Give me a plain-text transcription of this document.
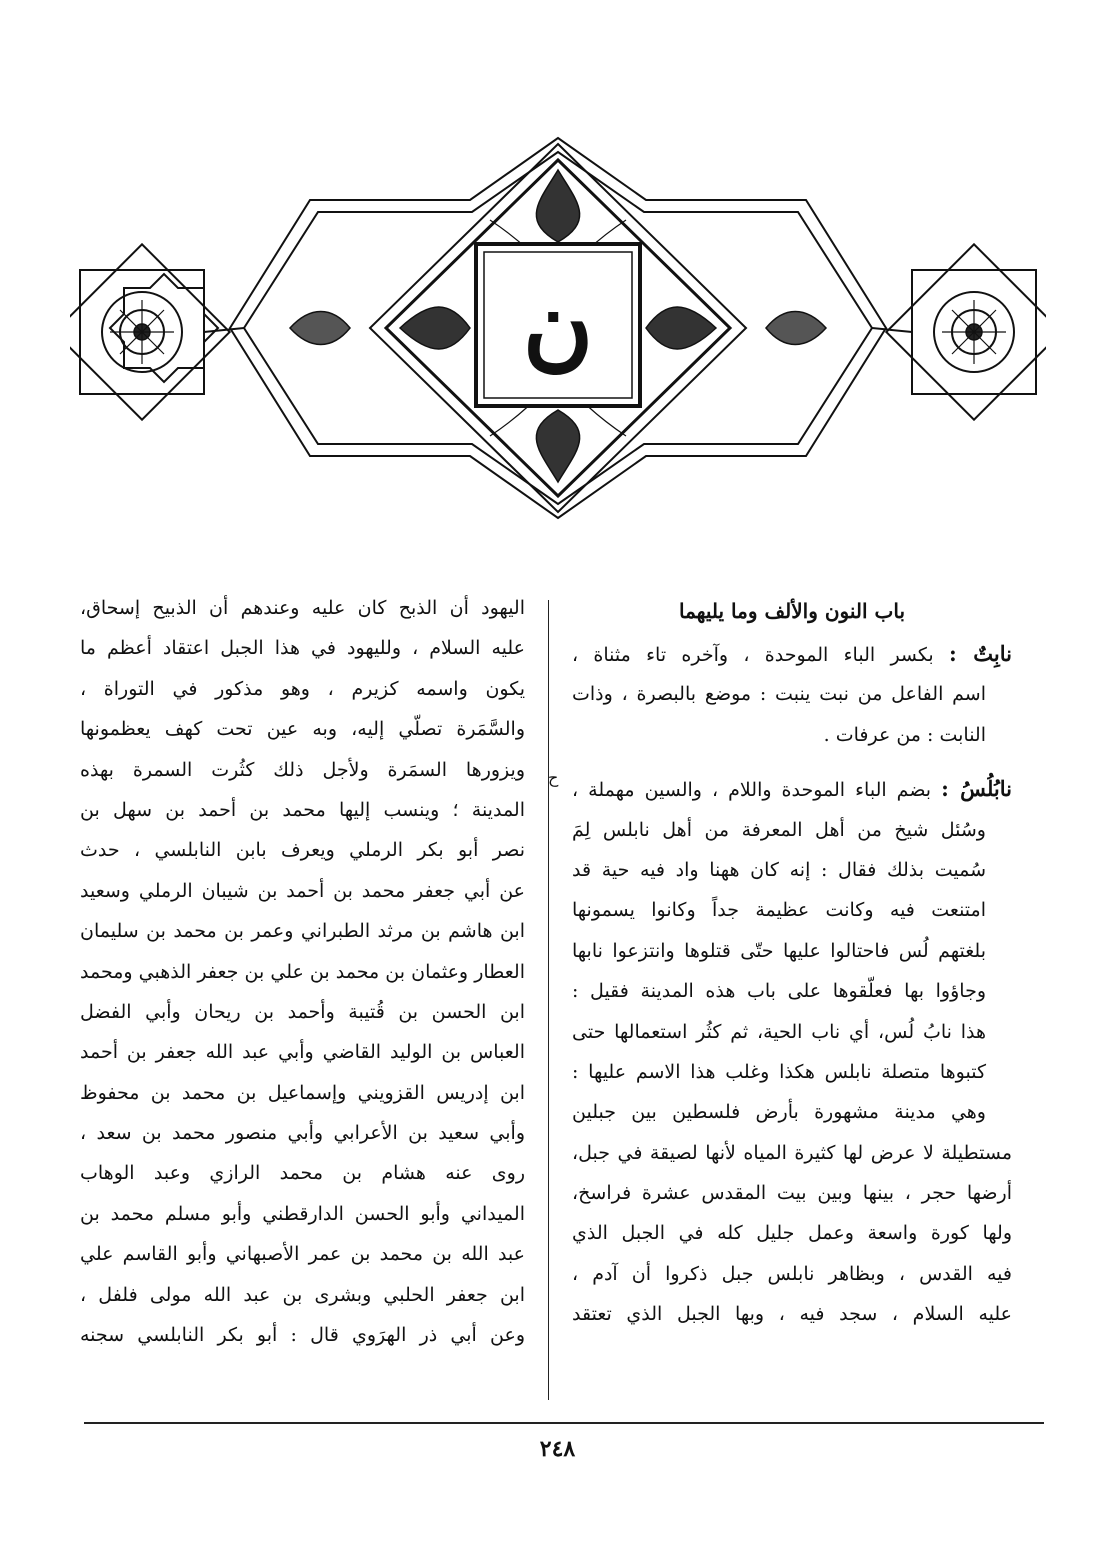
ن
باب النون والألف وما يليهما
نابِتٌ : بكسر الباء الموحدة ، وآخره تاء مثناة ،
اسم الفاعل من نبت ينبت : موضع بالبصرة ، وذات
النابت : من عرفات .
نابُلُسُ : بضم الباء الموحدة واللام ، والسين مهملة ،
وسُئل شيخ من أهل المعرفة من أهل نابلس لِمَ
سُميت بذلك فقال : إنه كان ههنا واد فيه حية قد
امتنعت فيه وكانت عظيمة جداً وكانوا يسمونها
بلغتهم لُس فاحتالوا عليها حتّى قتلوها وانتزعوا نابها
وجاؤوا بها فعلّقوها على باب هذه المدينة فقيل :
هذا نابُ لُس، أي ناب الحية، ثم كثُر استعمالها حتى
كتبوها متصلة نابلس هكذا وغلب هذا الاسم عليها :
وهي مدينة مشهورة بأرض فلسطين بين جبلين
مستطيلة لا عرض لها كثيرة المياه لأنها لصيقة في جبل،
أرضها حجر ، بينها وبين بيت المقدس عشرة فراسخ،
ولها كورة واسعة وعمل جليل كله في الجبل الذي
فيه القدس ، وبظاهر نابلس جبل ذكروا أن آدم ،
عليه السلام ، سجد فيه ، وبها الجبل الذي تعتقد
ح
اليهود أن الذبح كان عليه وعندهم أن الذبيح إسحاق،
عليه السلام ، ولليهود في هذا الجبل اعتقاد أعظم ما
يكون واسمه كزيرم ، وهو مذكور في التوراة ،
والسَّمَرة تصلّي إليه، وبه عين تحت كهف يعظمونها
ويزورها السمَرة ولأجل ذلك كثُرت السمرة بهذه
المدينة ؛ وينسب إليها محمد بن أحمد بن سهل بن
نصر أبو بكر الرملي ويعرف بابن النابلسي ، حدث
عن أبي جعفر محمد بن أحمد بن شيبان الرملي وسعيد
ابن هاشم بن مرثد الطبراني وعمر بن محمد بن سليمان
العطار وعثمان بن محمد بن علي بن جعفر الذهبي ومحمد
ابن الحسن بن قُتيبة وأحمد بن ريحان وأبي الفضل
العباس بن الوليد القاضي وأبي عبد الله جعفر بن أحمد
ابن إدريس القزويني وإسماعيل بن محمد بن محفوظ
وأبي سعيد بن الأعرابي وأبي منصور محمد بن سعد ،
روى عنه هشام بن محمد الرازي وعبد الوهاب
الميداني وأبو الحسن الدارقطني وأبو مسلم محمد بن
عبد الله بن محمد بن عمر الأصبهاني وأبو القاسم علي
ابن جعفر الحلبي وبشرى بن عبد الله مولى فلفل ،
وعن أبي ذر الهرَوي قال : أبو بكر النابلسي سجنه
٢٤٨
